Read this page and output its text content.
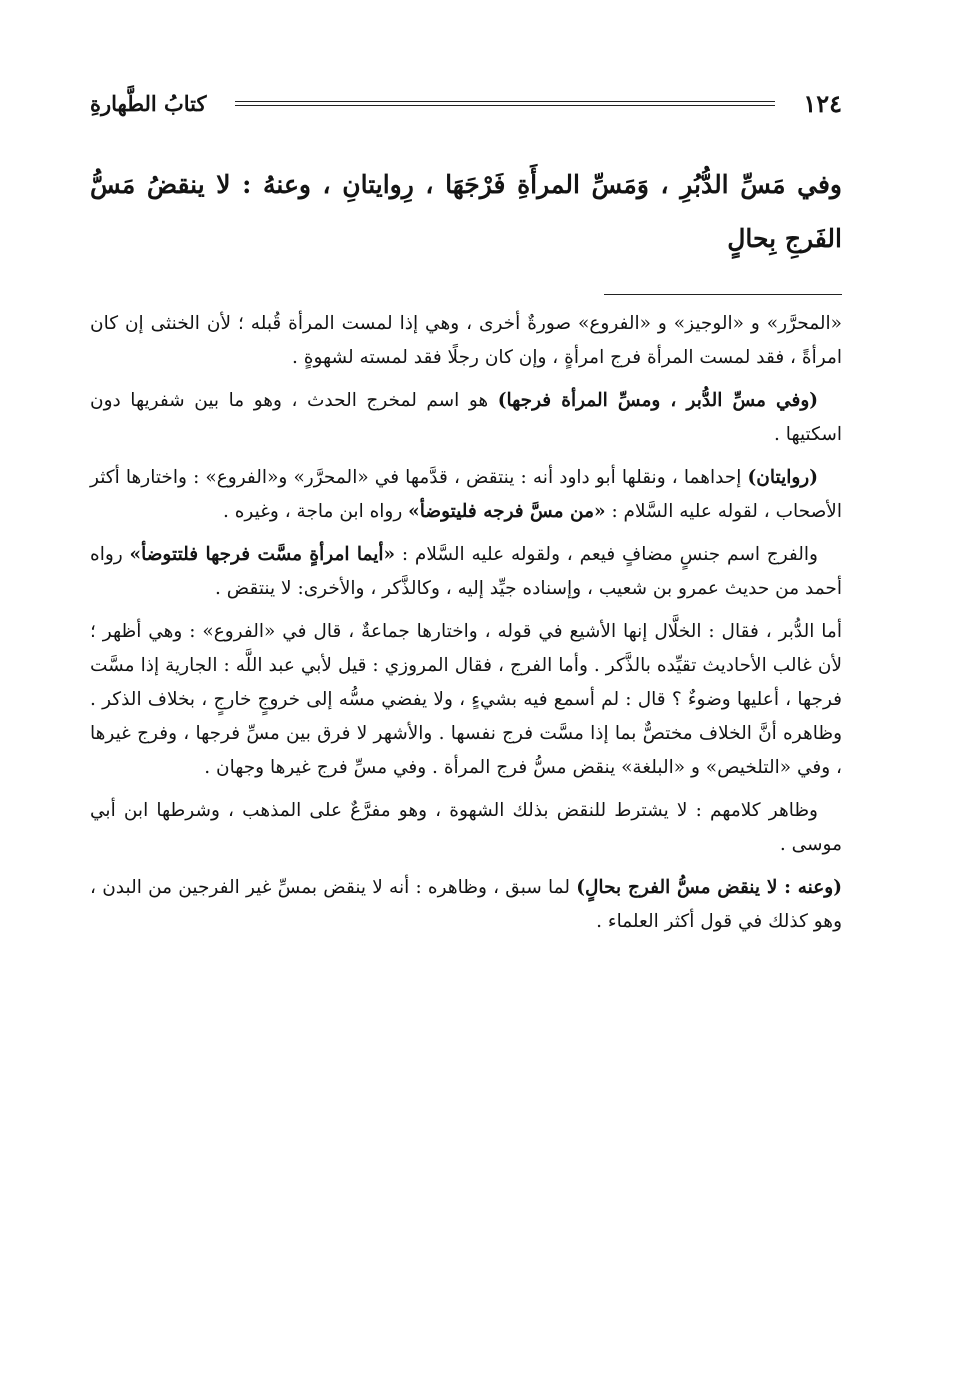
١٢٤
كتابُ الطَّهارةِ
وفي مَسِّ الدُّبُرِ ، وَمَسِّ المرأَةِ فَرْجَهَا ، رِوايتانِ ، وعنهُ : لا ينقضُ مَسُّ الفَرجِ بِحالٍ

«المحرَّر» و «الوجيز» و «الفروع» صورةٌ أخرى ، وهي إذا لمست المرأة قُبله ؛ لأن الخنثى إن كان امرأةً ، فقد لمست المرأة فرج امرأةٍ ، وإن كان رجلًا فقد لمسته لشهوةٍ .

(وفي مسِّ الدُّبر ، ومسِّ المرأة فرجها) هو اسم لمخرج الحدث ، وهو ما بين شفريها دون اسكتيها .

(روايتان) إحداهما ، ونقلها أبو داود أنه : ينتقض ، قدَّمها في «المحرَّر» و«الفروع» : واختارها أكثر الأصحاب ، لقوله عليه السَّلام : «من مسَّ فرجه فليتوضأ» رواه ابن ماجة ، وغيره .

والفرج اسم جنسٍ مضافٍ فيعم ، ولقوله عليه السَّلام : «أيما امرأةٍ مسَّت فرجها فلتتوضأ» رواه أحمد من حديث عمرو بن شعيب ، وإسناده جيِّد إليه ، وكالذَّكر ، والأخرى: لا ينتقض .

أما الدُّبر ، فقال : الخلَّال إنها الأشيع في قوله ، واختارها جماعةٌ ، قال في «الفروع» : وهي أظهر ؛ لأن غالب الأحاديث تقيِّده بالذَّكر . وأما الفرج ، فقال المروزي : قيل لأبي عبد اللَّه : الجارية إذا مسَّت فرجها ، أعليها وضوءٌ ؟ قال : لم أسمع فيه بشيءٍ ، ولا يفضي مسُّه إلى خروجٍ خارجٍ ، بخلاف الذكر . وظاهره أنَّ الخلاف مختصٌّ بما إذا مسَّت فرج نفسها . والأشهر لا فرق بين مسِّ فرجها ، وفرج غيرها ، وفي «التلخيص» و «البلغة» ينقض مسُّ فرج المرأة . وفي مسِّ فرج غيرها وجهان .

وظاهر كلامهم : لا يشترط للنقض بذلك الشهوة ، وهو مفرَّعٌ على المذهب ، وشرطها ابن أبي موسى .

(وعنه : لا ينقض مسُّ الفرج بحالٍ) لما سبق ، وظاهره : أنه لا ينقض بمسِّ غير الفرجين من البدن ، وهو كذلك في قول أكثر العلماء .
